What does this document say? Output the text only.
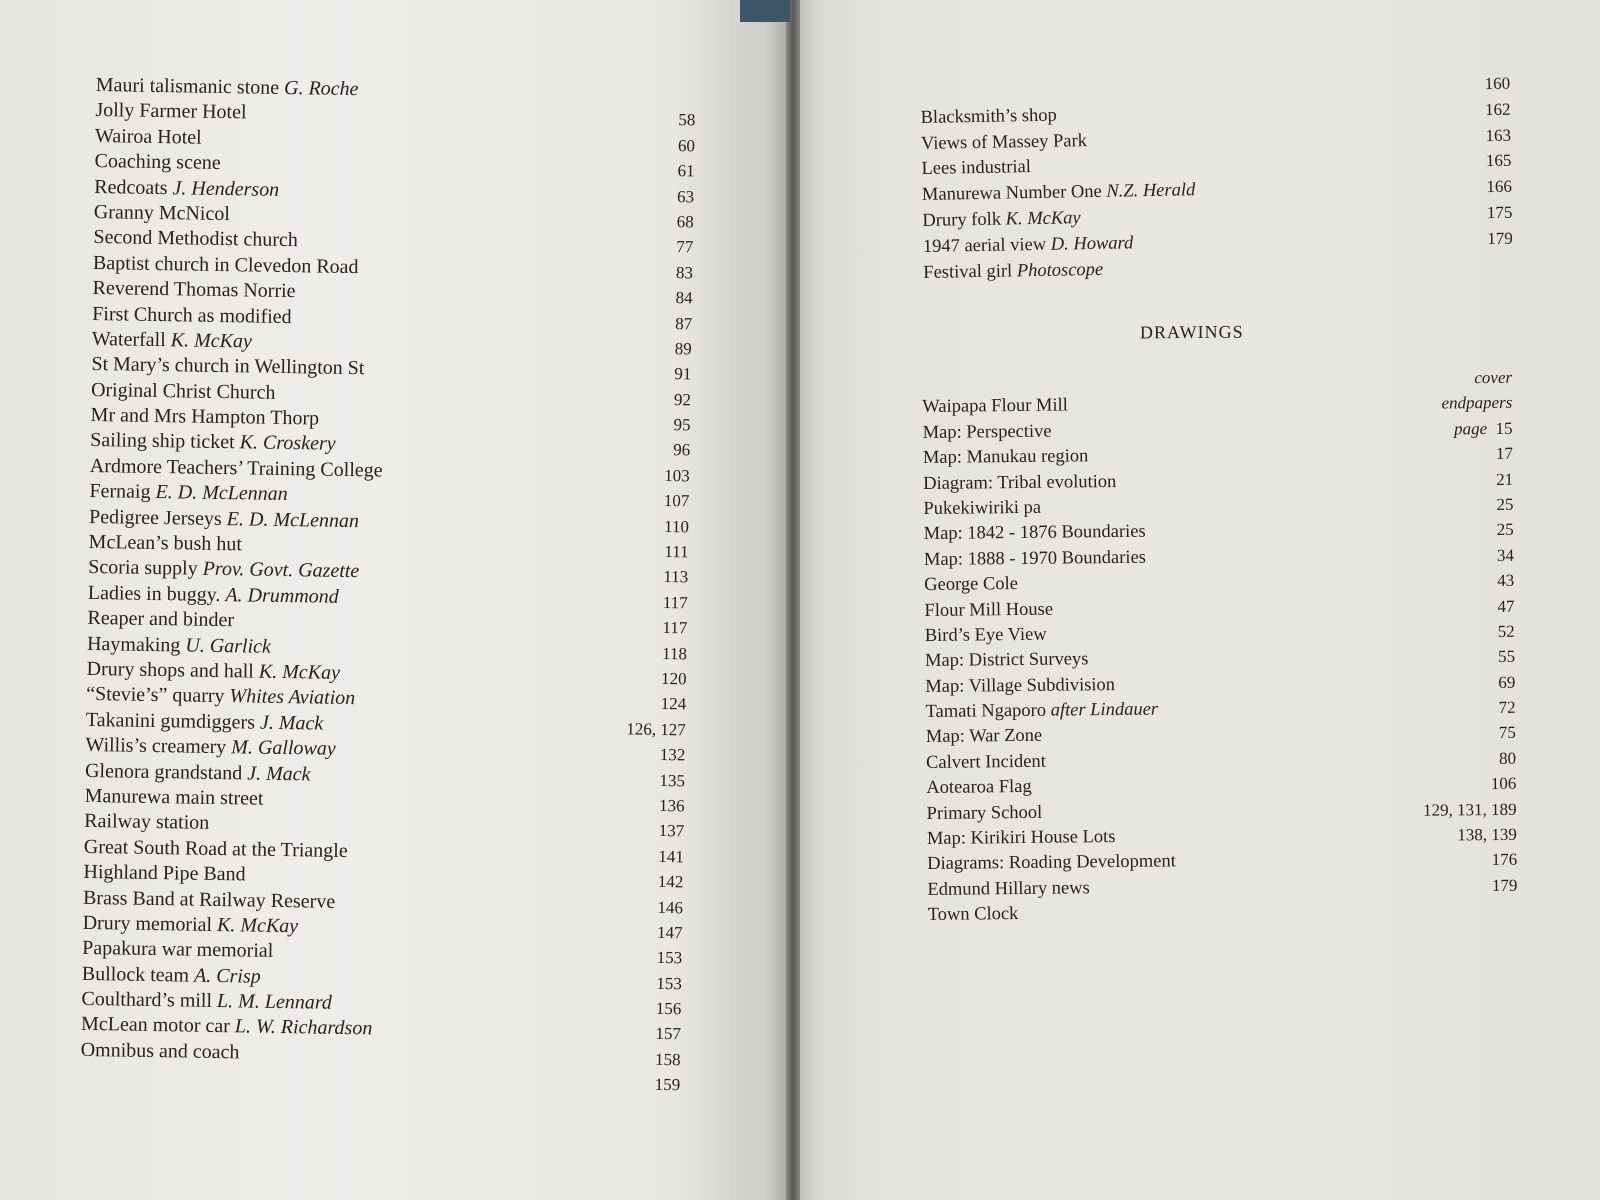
Mauri talismanic stone G. Roche
Jolly Farmer Hotel	58
Wairoa Hotel	60
Coaching scene	61
Redcoats J. Henderson	63
Granny McNicol	68
Second Methodist church	77
Baptist church in Clevedon Road	83
Reverend Thomas Norrie	84
First Church as modified	87
Waterfall K. McKay	89
St Mary’s church in Wellington St	91
Original Christ Church	92
Mr and Mrs Hampton Thorp	95
Sailing ship ticket K. Croskery	96
Ardmore Teachers’ Training College	103
Fernaig E. D. McLennan	107
Pedigree Jerseys E. D. McLennan	110
McLean’s bush hut	111
Scoria supply Prov. Govt. Gazette	113
Ladies in buggy. A. Drummond	117
Reaper and binder	117
Haymaking U. Garlick	118
Drury shops and hall K. McKay	120
“Stevie’s” quarry Whites Aviation	124
Takanini gumdiggers J. Mack	126, 127
Willis’s creamery M. Galloway	132
Glenora grandstand J. Mack	135
Manurewa main street	136
Railway station	137
Great South Road at the Triangle	141
Highland Pipe Band	142
Brass Band at Railway Reserve	146
Drury memorial K. McKay	147
Papakura war memorial	153
Bullock team A. Crisp	153
Coulthard’s mill L. M. Lennard	156
McLean motor car L. W. Richardson	157
Omnibus and coach	158
159
160
Blacksmith’s shop	162
Views of Massey Park	163
Lees industrial	165
Manurewa Number One N.Z. Herald	166
Drury folk K. McKay	175
1947 aerial view D. Howard	179
Festival girl Photoscope
DRAWINGS
cover
Waipapa Flour Mill	endpapers
Map: Perspective	page 15
Map: Manukau region	17
Diagram: Tribal evolution	21
Pukekiwiriki pa	25
Map: 1842 - 1876 Boundaries	25
Map: 1888 - 1970 Boundaries	34
George Cole	43
Flour Mill House	47
Bird’s Eye View	52
Map: District Surveys	55
Map: Village Subdivision	69
Tamati Ngaporo after Lindauer	72
Map: War Zone	75
Calvert Incident	80
Aotearoa Flag	106
Primary School	129, 131, 189
Map: Kirikiri House Lots	138, 139
Diagrams: Roading Development	176
Edmund Hillary news	179
Town Clock
